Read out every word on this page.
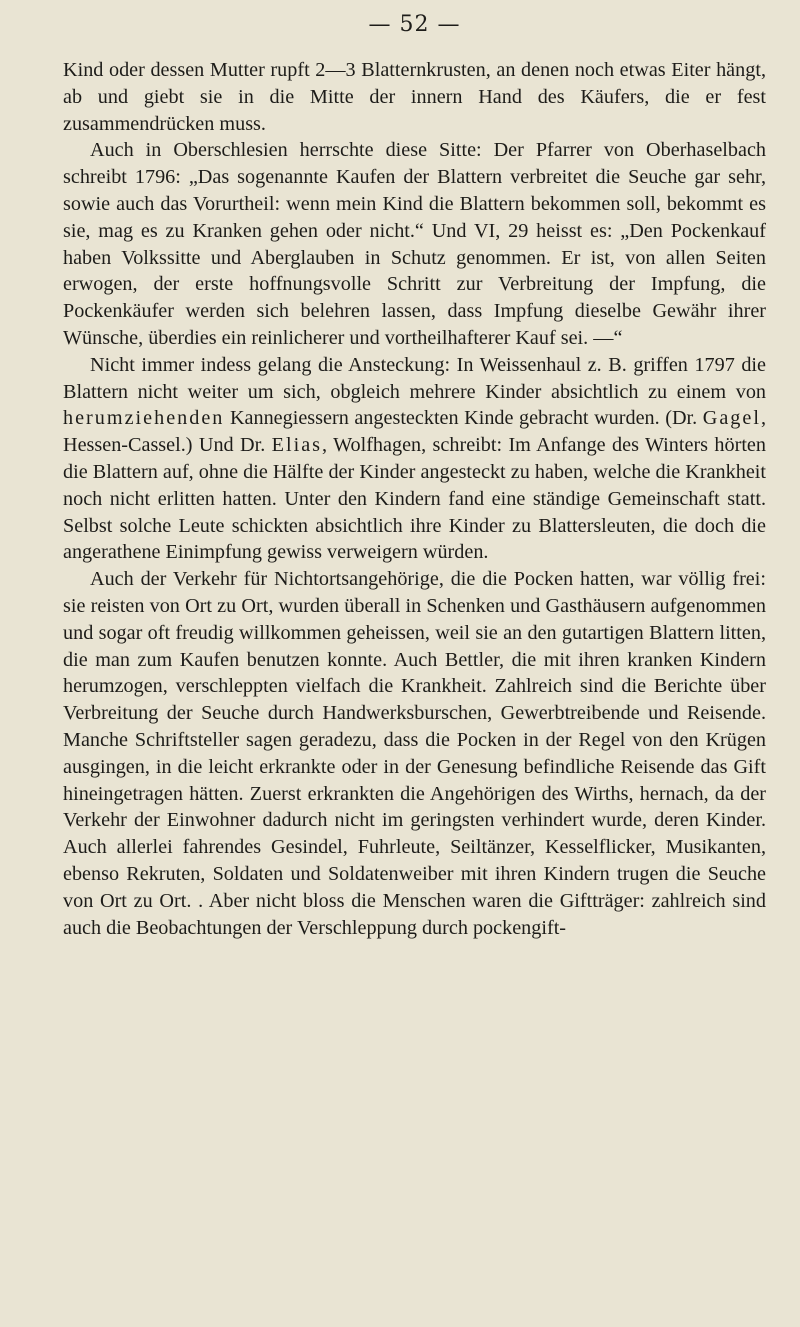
— 52 —

Kind oder dessen Mutter rupft 2—3 Blatternkrusten, an denen noch etwas Eiter hängt, ab und giebt sie in die Mitte der innern Hand des Käufers, die er fest zusammendrücken muss.

Auch in Oberschlesien herrschte diese Sitte: Der Pfarrer von Oberhaselbach schreibt 1796: „Das sogenannte Kaufen der Blattern verbreitet die Seuche gar sehr, sowie auch das Vorurtheil: wenn mein Kind die Blattern bekommen soll, bekommt es sie, mag es zu Kranken gehen oder nicht.“ Und VI, 29 heisst es: „Den Pockenkauf haben Volkssitte und Aberglauben in Schutz genommen. Er ist, von allen Seiten erwogen, der erste hoffnungsvolle Schritt zur Verbreitung der Impfung, die Pockenkäufer werden sich belehren lassen, dass Impfung dieselbe Gewähr ihrer Wünsche, überdies ein reinlicherer und vortheilhafterer Kauf sei. —“

Nicht immer indess gelang die Ansteckung: In Weissenhaul z. B. griffen 1797 die Blattern nicht weiter um sich, obgleich mehrere Kinder absichtlich zu einem von herumziehenden Kannegiessern angesteckten Kinde gebracht wurden. (Dr. Gagel, Hessen-Cassel.) Und Dr. Elias, Wolfhagen, schreibt: Im Anfange des Winters hörten die Blattern auf, ohne die Hälfte der Kinder angesteckt zu haben, welche die Krankheit noch nicht erlitten hatten. Unter den Kindern fand eine ständige Gemeinschaft statt. Selbst solche Leute schickten absichtlich ihre Kinder zu Blattersleuten, die doch die angerathene Einimpfung gewiss verweigern würden.

Auch der Verkehr für Nichtortsangehörige, die die Pocken hatten, war völlig frei: sie reisten von Ort zu Ort, wurden überall in Schenken und Gasthäusern aufgenommen und sogar oft freudig willkommen geheissen, weil sie an den gutartigen Blattern litten, die man zum Kaufen benutzen konnte. Auch Bettler, die mit ihren kranken Kindern herumzogen, verschleppten vielfach die Krankheit. Zahlreich sind die Berichte über Verbreitung der Seuche durch Handwerksburschen, Gewerbtreibende und Reisende. Manche Schriftsteller sagen geradezu, dass die Pocken in der Regel von den Krügen ausgingen, in die leicht erkrankte oder in der Genesung befindliche Reisende das Gift hineingetragen hätten. Zuerst erkrankten die Angehörigen des Wirths, hernach, da der Verkehr der Einwohner dadurch nicht im geringsten verhindert wurde, deren Kinder. Auch allerlei fahrendes Gesindel, Fuhrleute, Seiltänzer, Kesselflicker, Musikanten, ebenso Rekruten, Soldaten und Soldatenweiber mit ihren Kindern trugen die Seuche von Ort zu Ort. . Aber nicht bloss die Menschen waren die Giftträger: zahlreich sind auch die Beobachtungen der Verschleppung durch pockengift-
